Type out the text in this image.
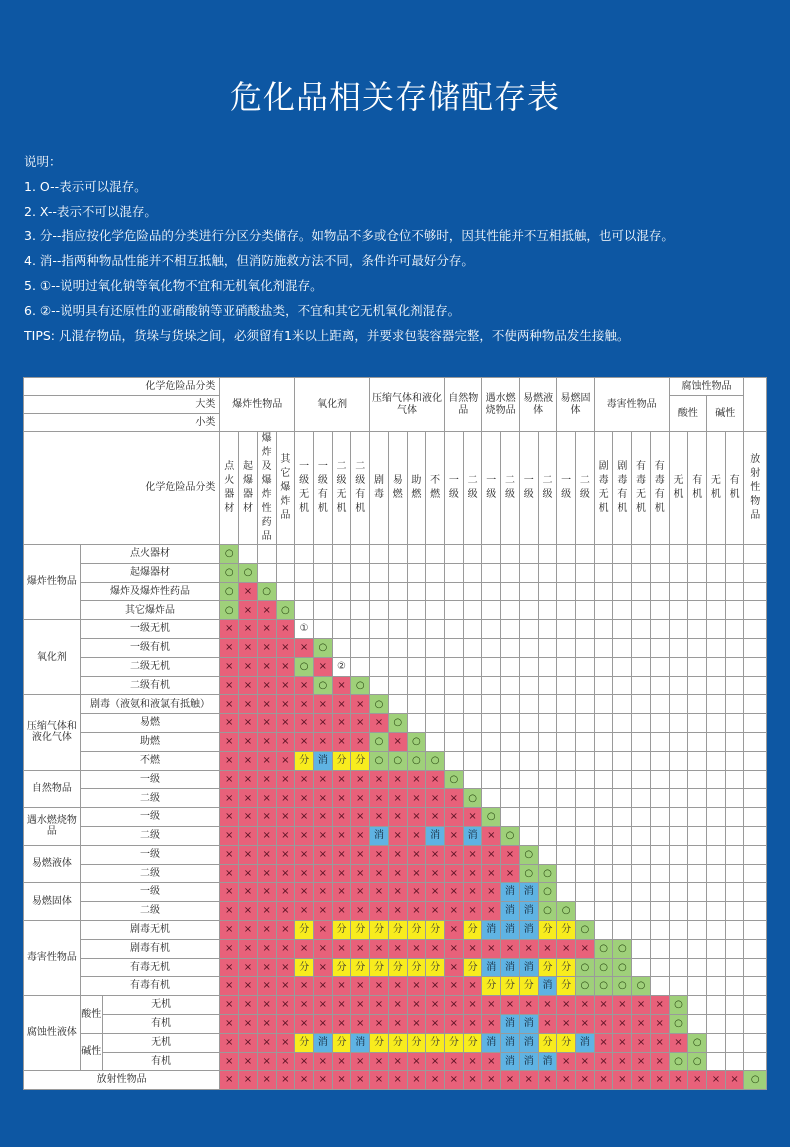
危化品相关存储配存表
说明：
1. O--表示可以混存。
2. X--表示不可以混存。
3. 分--指应按化学危险品的分类进行分区分类储存。如物品不多或仓位不够时，因其性能并不互相抵触，也可以混存。
4. 消--指两种物品性能并不相互抵触，但消防施救方法不同，条件许可最好分存。
5. ①--说明过氧化钠等氧化物不宜和无机氧化剂混存。
6. ②--说明具有还原性的亚硝酸钠等亚硝酸盐类，不宜和其它无机氧化剂混存。
TIPS: 凡混存物品，货垛与货垛之间，必须留有1米以上距离，并要求包装容器完整，不使两种物品发生接触。
化学危险品分类			爆炸性物品				氧化剂				压缩气体和液化气体				自然物品		遇水燃烧物品		易燃液体		易燃固体		毒害性物品				腐蚀性物品				
大类																											酸性		碱性		
小类																															
化学危险品分类			点火器材	起爆器材	爆炸及爆炸性药品	其它爆炸品	一级无机	一级有机	二级无机	二级有机	剧毒	易燃	助燃	不燃	一级	二级	一级	二级	一级	二级	一级	二级	剧毒无机	剧毒有机	有毒无机	有毒有机	无机	有机	无机	有机	放射性物品
爆炸性物品	点火器材		○																												
	起爆器材		○	○																											
	爆炸及爆炸性药品		○	×	○																										
	其它爆炸品		○	×	×	○																									
氧化剂	一级无机		×	×	×	×	①																								
	一级有机		×	×	×	×	×	○																							
	二级无机		×	×	×	×	○	×	②																						
	二级有机		×	×	×	×	×	○	×	○																					
压缩气体和液化气体	剧毒（液氨和液氯有抵触）		×	×	×	×	×	×	×	×	○																				
	易燃		×	×	×	×	×	×	×	×	×	○																			
	助燃		×	×	×	×	×	×	×	×	○	×	○																		
	不燃		×	×	×	×	分	消	分	分	○	○	○	○																	
自然物品	一级		×	×	×	×	×	×	×	×	×	×	×	×	○																
	二级		×	×	×	×	×	×	×	×	×	×	×	×	×	○															
遇水燃烧物品	一级		×	×	×	×	×	×	×	×	×	×	×	×	×	×	○														
	二级		×	×	×	×	×	×	×	×	消	×	×	消	×	消	×	○													
易燃液体	一级		×	×	×	×	×	×	×	×	×	×	×	×	×	×	×	×	○												
	二级		×	×	×	×	×	×	×	×	×	×	×	×	×	×	×	×	○	○											
易燃固体	一级		×	×	×	×	×	×	×	×	×	×	×	×	×	×	×	消	消	○											
	二级		×	×	×	×	×	×	×	×	×	×	×	×	×	×	×	消	消	○	○										
毒害性物品	剧毒无机		×	×	×	×	分	×	分	分	分	分	分	分	×	分	消	消	消	分	分	○									
	剧毒有机		×	×	×	×	×	×	×	×	×	×	×	×	×	×	×	×	×	×	×	×	○	○							
	有毒无机		×	×	×	×	分	×	分	分	分	分	分	分	×	分	消	消	消	分	分	○	○	○							
	有毒有机		×	×	×	×	×	×	×	×	×	×	×	×	×	×	分	分	分	消	分	○	○	○	○						
腐蚀性液体	酸性	无机	×	×	×	×	×	×	×	×	×	×	×	×	×	×	×	×	×	×	×	×	×	×	×	×	○				
		有机	×	×	×	×	×	×	×	×	×	×	×	×	×	×	×	消	消	×	×	×	×	×	×	×	○				
	碱性	无机	×	×	×	×	分	消	分	消	分	分	分	分	分	分	消	消	消	分	分	消	×	×	×	×	×	○			
		有机	×	×	×	×	×	×	×	×	×	×	×	×	×	×	×	消	消	消	×	×	×	×	×	×	○	○			
放射性物品			×	×	×	×	×	×	×	×	×	×	×	×	×	×	×	×	×	×	×	×	×	×	×	×	×	×	×	×	○
